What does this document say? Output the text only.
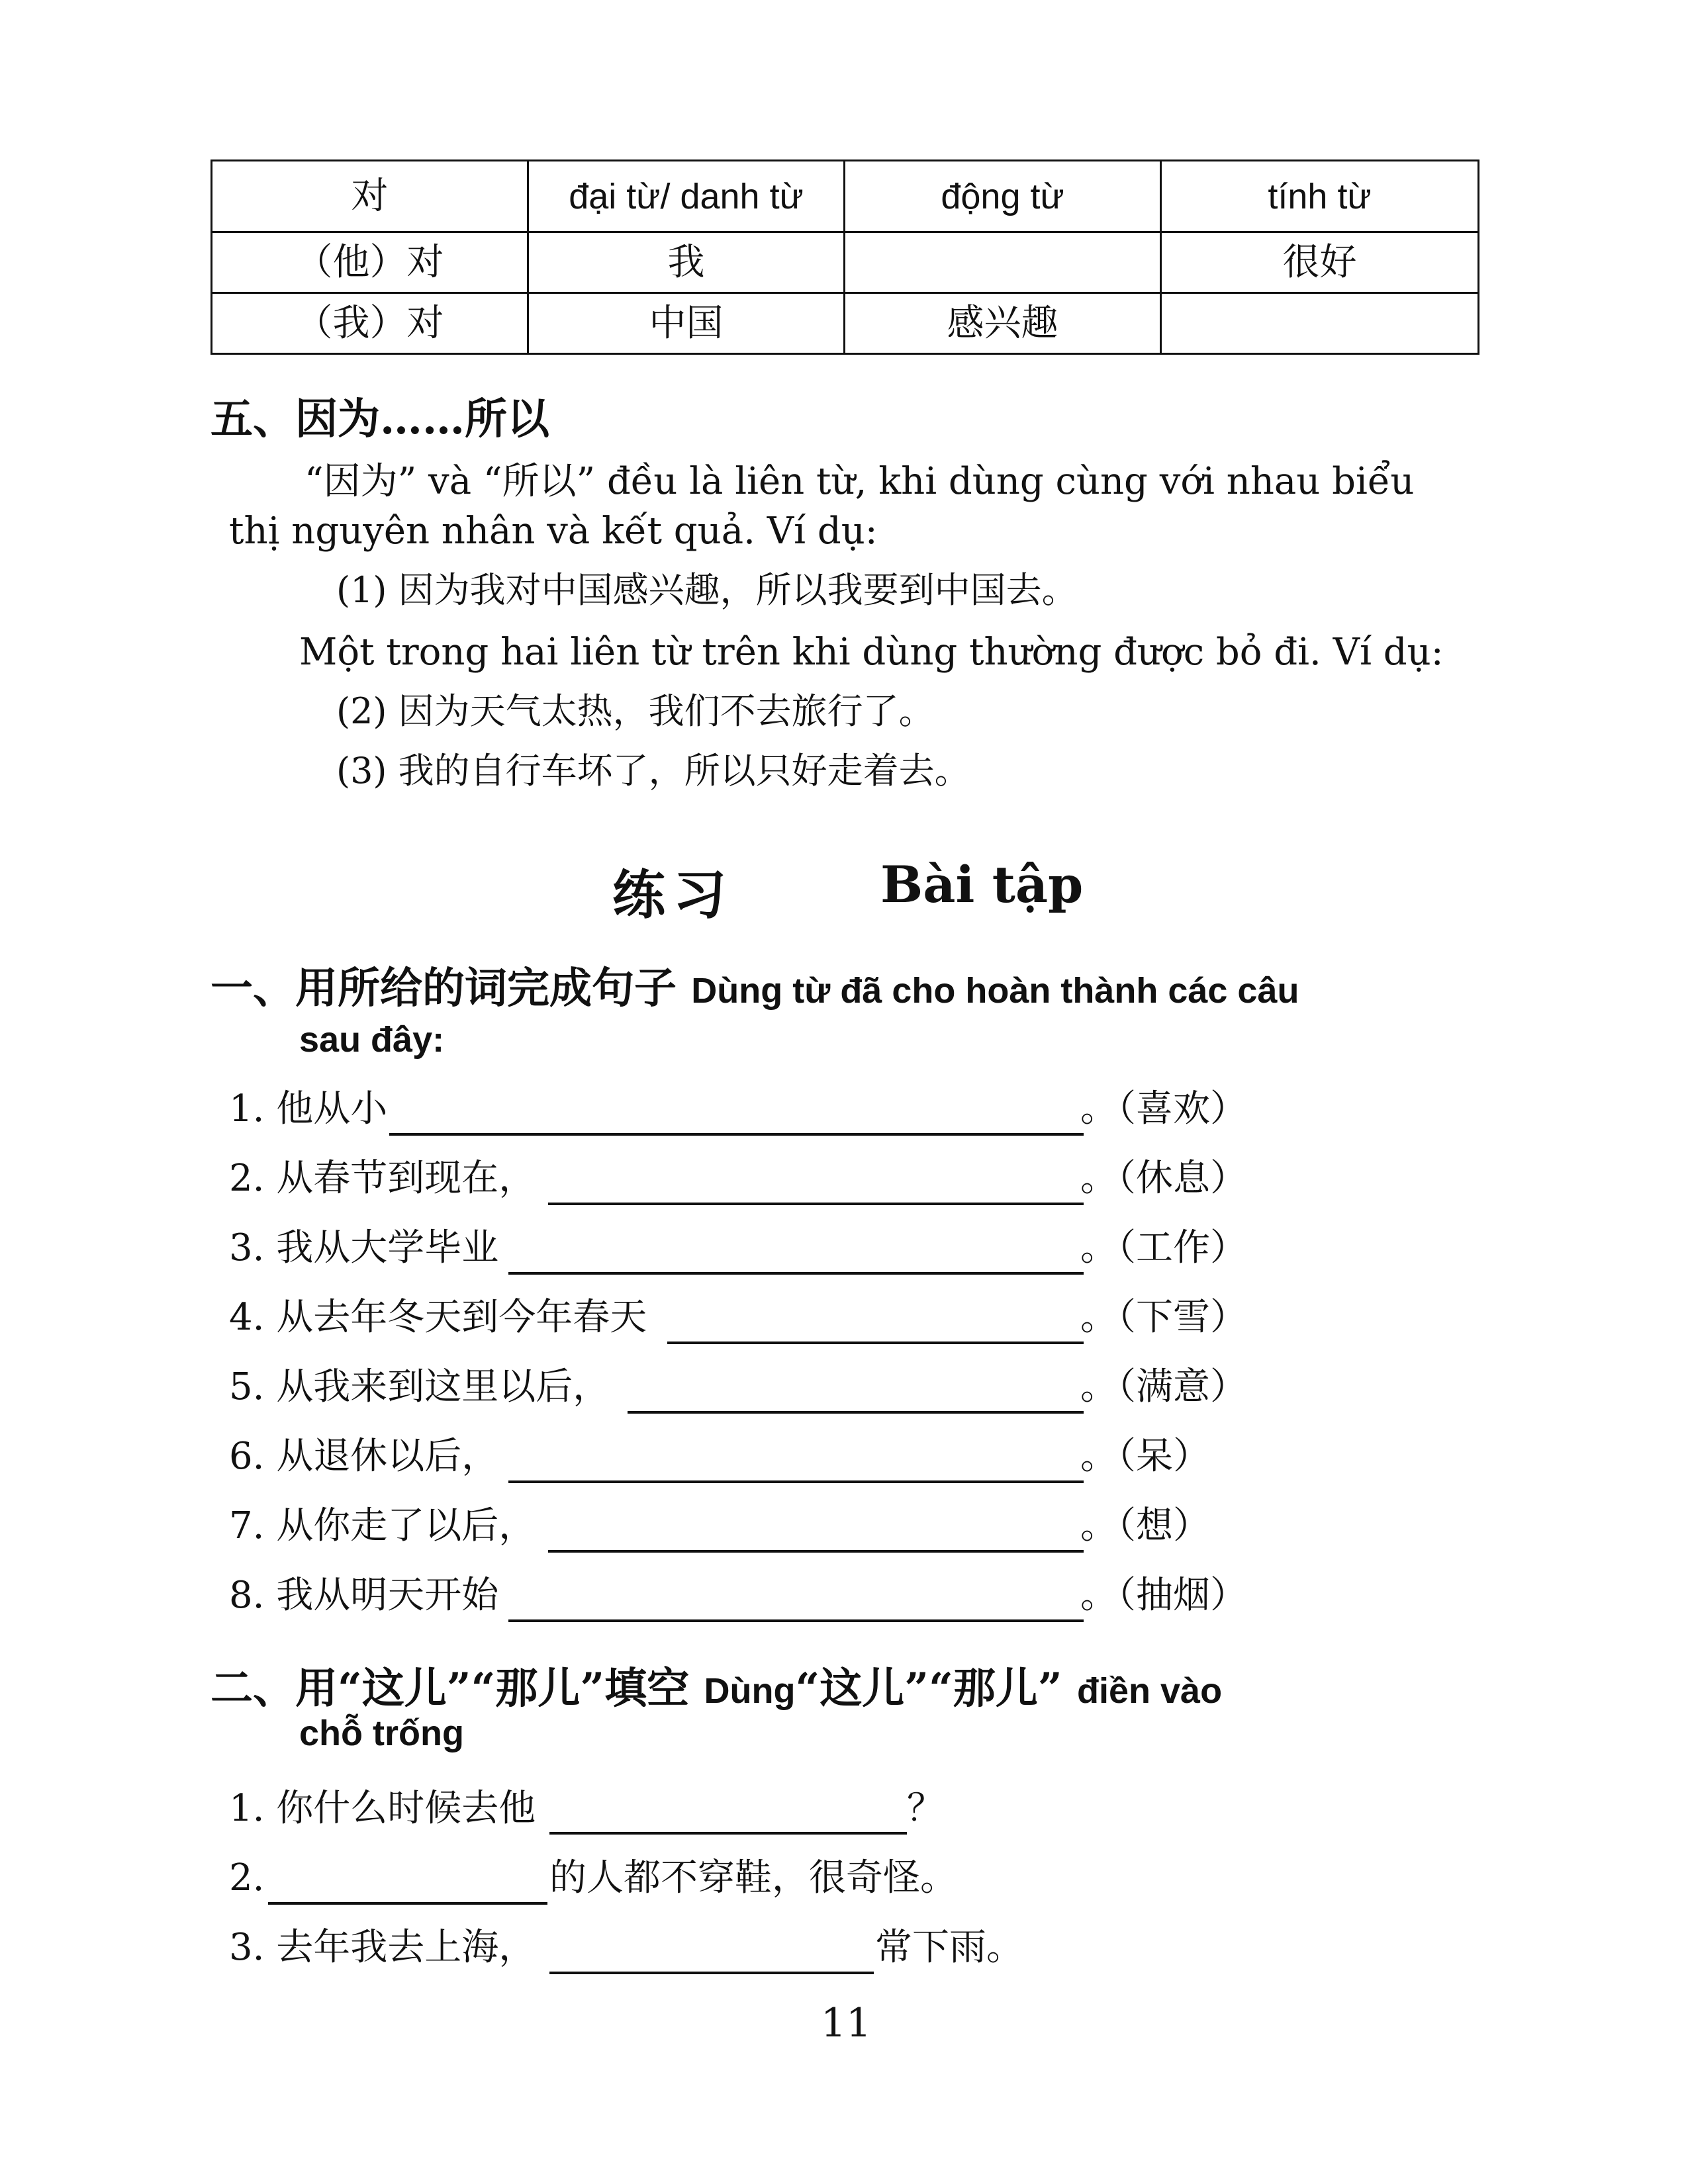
对	đại từ/ danh từ	động từ	tính từ
（他）对	我		很好
（我）对	中国	感兴趣	
五、因为……所以
“因为” và “所以” đều là liên từ, khi dùng cùng với nhau biểu
thị nguyên nhân và kết quả. Ví dụ:
(1) 因为我对中国感兴趣，所以我要到中国去。
Một trong hai liên từ trên khi dùng thường được bỏ đi. Ví dụ:
(2) 因为天气太热，我们不去旅行了。
(3) 我的自行车坏了，所以只好走着去。
练习	Bài tập
一、用所给的词完成句子 Dùng từ đã cho hoàn thành các câu
sau đây:
1. 他从小	。（喜欢）
2. 从春节到现在，	。（休息）
3. 我从大学毕业	。（工作）
4. 从去年冬天到今年春天	。（下雪）
5. 从我来到这里以后，	。（满意）
6. 从退休以后，	。（呆）
7. 从你走了以后，	。（想）
8. 我从明天开始	。（抽烟）
二、用“这儿”“那儿”填空 Dùng“这儿”“那儿” điền vào
chỗ trống
1. 你什么时候去他	？
2.	的人都不穿鞋，很奇怪。
3. 去年我去上海，	常下雨。
11
